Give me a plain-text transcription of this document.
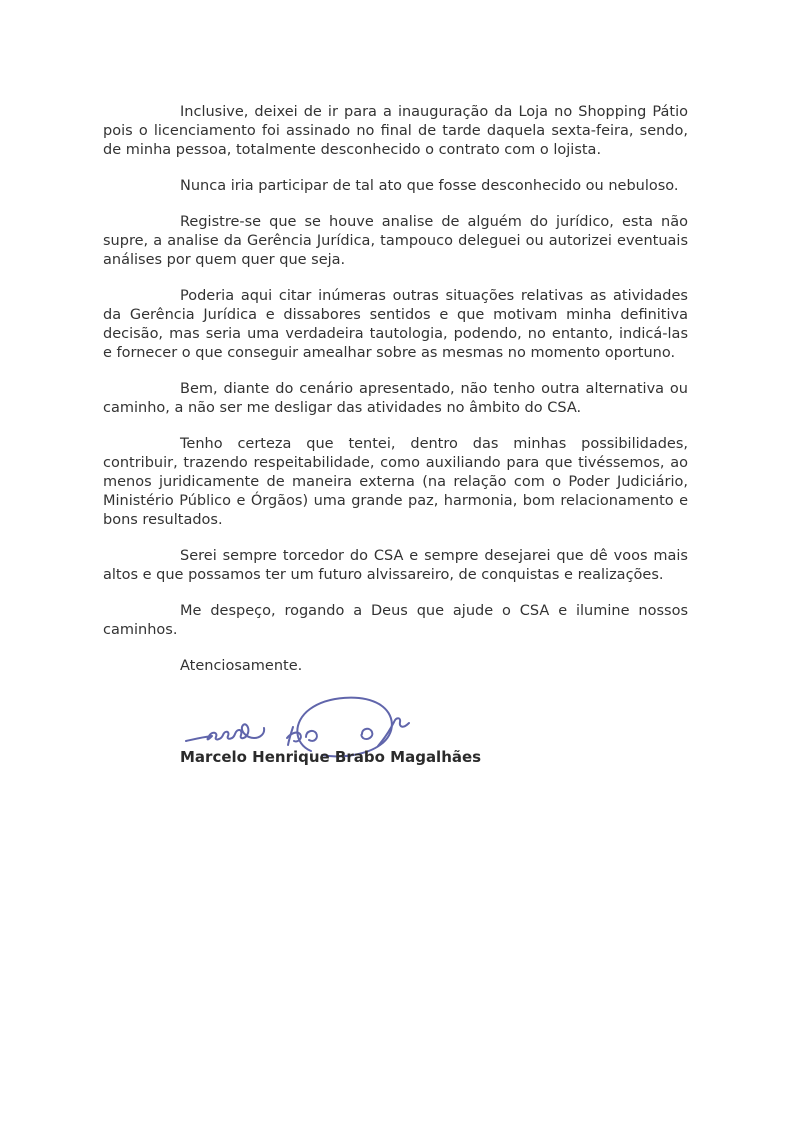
Inclusive, deixei de ir para a inauguração da Loja no Shopping Pátio pois o licenciamento foi assinado no final de tarde daquela sexta-feira, sendo, de minha pessoa, totalmente desconhecido o contrato com o lojista.

Nunca iria participar de tal ato que fosse desconhecido ou nebuloso.

Registre-se que se houve analise de alguém do jurídico, esta não supre, a analise da Gerência Jurídica, tampouco deleguei ou autorizei eventuais análises por quem quer que seja.

Poderia aqui citar inúmeras outras situações relativas as atividades da Gerência Jurídica e dissabores sentidos e que motivam minha definitiva decisão, mas seria uma verdadeira tautologia, podendo, no entanto, indicá-las e fornecer o que conseguir amealhar sobre as mesmas no momento oportuno.

Bem, diante do cenário apresentado, não tenho outra alternativa ou caminho, a não ser me desligar das atividades no âmbito do CSA.

Tenho certeza que tentei, dentro das minhas possibilidades, contribuir, trazendo respeitabilidade, como auxiliando para que tivéssemos, ao menos juridicamente de maneira externa (na relação com o Poder Judiciário, Ministério Público e Órgãos) uma grande paz, harmonia, bom relacionamento e bons resultados.

Serei sempre torcedor do CSA e sempre desejarei que dê voos mais altos e que possamos ter um futuro alvissareiro, de conquistas e realizações.

Me despeço, rogando a Deus que ajude o CSA e ilumine nossos caminhos.

Atenciosamente.

Marcelo Henrique Brabo Magalhães
